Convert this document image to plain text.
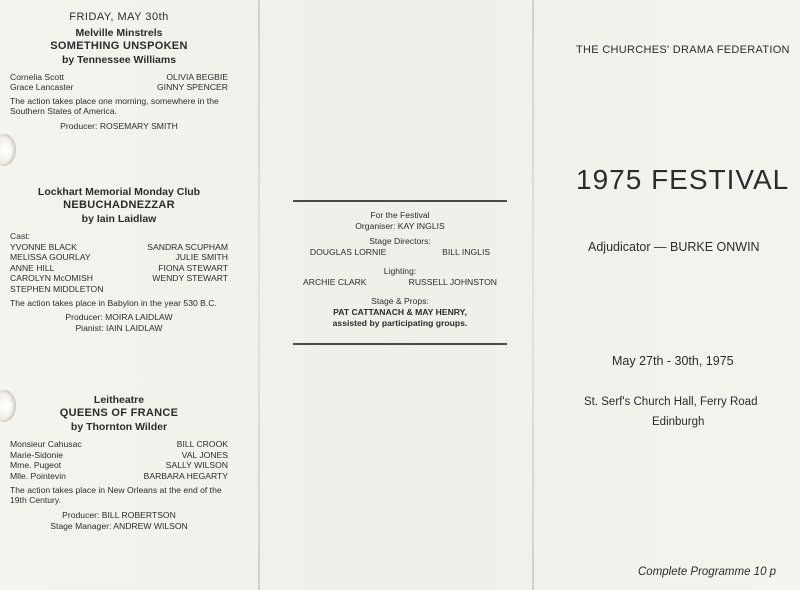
FRIDAY, MAY 30th
Melville Minstrels
SOMETHING UNSPOKEN
by Tennessee Williams
Cornelia Scott	OLIVIA BEGBIE
Grace Lancaster	GINNY SPENCER
The action takes place one morning, somewhere in the Southern States of America.
Producer: ROSEMARY SMITH
Lockhart Memorial Monday Club
NEBUCHADNEZZAR
by Iain Laidlaw
Cast:
YVONNE BLACK	SANDRA SCUPHAM
MELISSA GOURLAY	JULIE SMITH
ANNE HILL	FIONA STEWART
CAROLYN McOMISH	WENDY STEWART
STEPHEN MIDDLETON
The action takes place in Babylon in the year 530 B.C.
Producer: MOIRA LAIDLAW
Pianist: IAIN LAIDLAW
Leitheatre
QUEENS OF FRANCE
by Thornton Wilder
Monsieur Cahusac	BILL CROOK
Marie-Sidonie	VAL JONES
Mme. Pugeot	SALLY WILSON
Mlle. Pointevin	BARBARA HEGARTY
The action takes place in New Orleans at the end of the 19th Century.
Producer: BILL ROBERTSON
Stage Manager: ANDREW WILSON
For the Festival
Organiser: KAY INGLIS
Stage Directors:
DOUGLAS LORNIE	BILL INGLIS
Lighting:
ARCHIE CLARK	RUSSELL JOHNSTON
Stage & Props:
PAT CATTANACH & MAY HENRY,
assisted by participating groups.
THE CHURCHES' DRAMA FEDERATION
1975 FESTIVAL
Adjudicator — BURKE ONWIN
May 27th - 30th, 1975
St. Serf's Church Hall, Ferry Road
Edinburgh
Complete Programme 10 p
